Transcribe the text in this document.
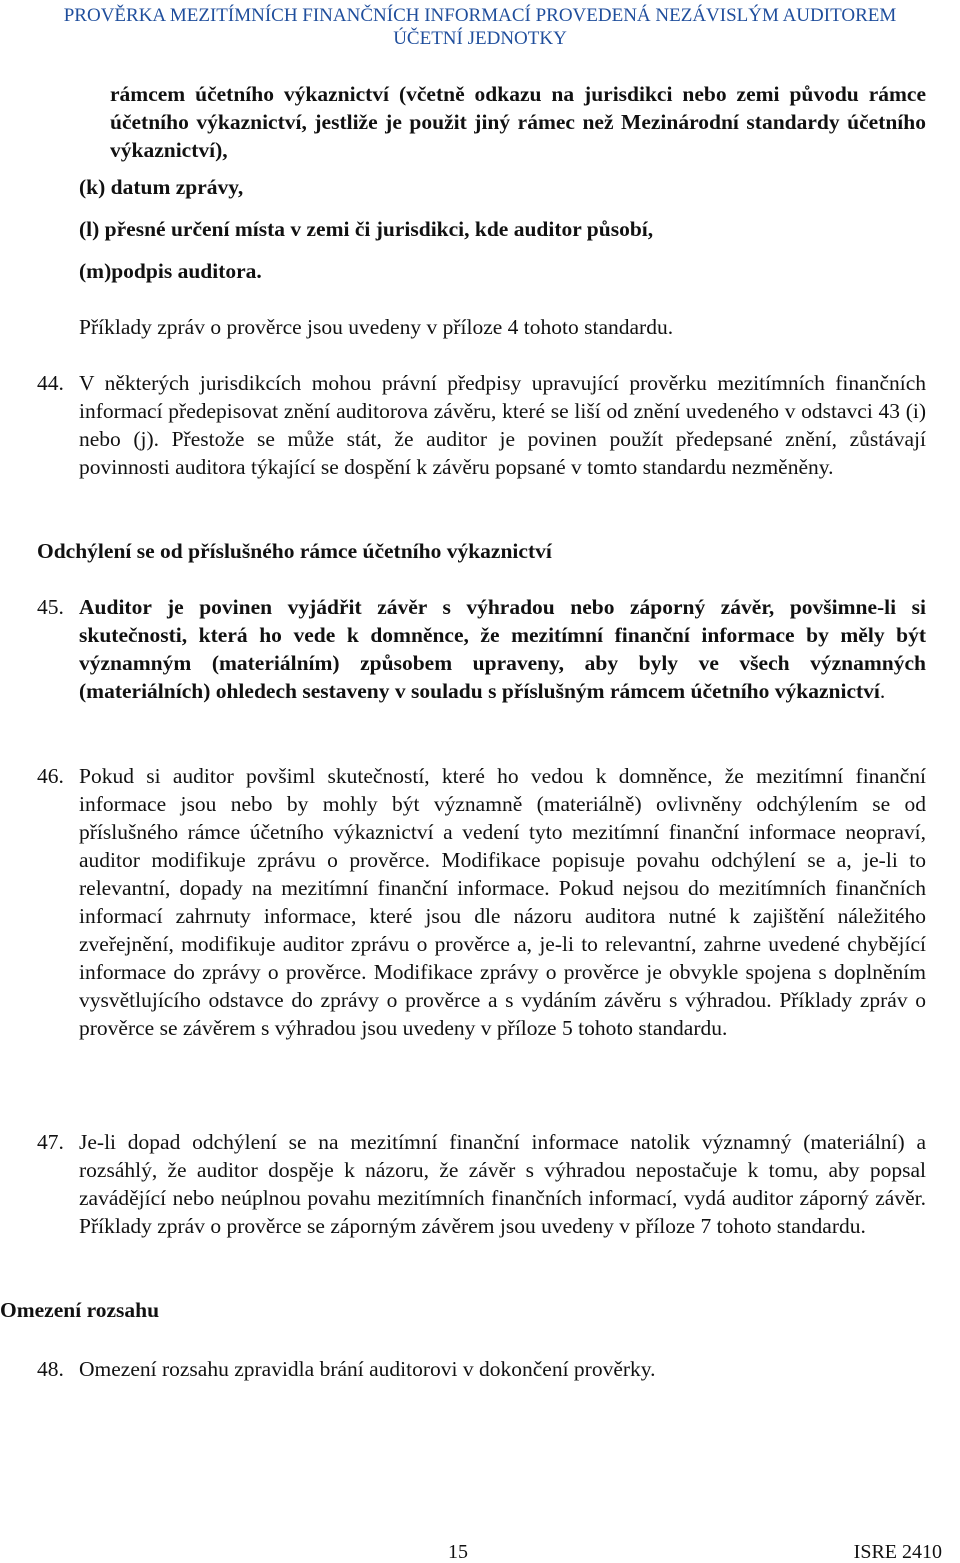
PROVĚRKA MEZITÍMNÍCH FINANČNÍCH INFORMACÍ PROVEDENÁ NEZÁVISLÝM AUDITOREM
ÚČETNÍ JEDNOTKY
rámcem účetního výkaznictví (včetně odkazu na jurisdikci nebo zemi původu rámce účetního výkaznictví, jestliže je použit jiný rámec než Mezinárodní standardy účetního výkaznictví),
(k) datum zprávy,
(l) přesné určení místa v zemi či jurisdikci, kde auditor působí,
(m)podpis auditora.
Příklady zpráv o prověrce jsou uvedeny v příloze 4 tohoto standardu.
44. V některých jurisdikcích mohou právní předpisy upravující prověrku mezitímních finančních informací předepisovat znění auditorova závěru, které se liší od znění uvedeného v odstavci 43 (i) nebo (j). Přestože se může stát, že auditor je povinen použít předepsané znění, zůstávají povinnosti auditora týkající se dospění k závěru popsané v tomto standardu nezměněny.
Odchýlení se od příslušného rámce účetního výkaznictví
45. Auditor je povinen vyjádřit závěr s výhradou nebo záporný závěr, povšimne-li si skutečnosti, která ho vede k domněnce, že mezitímní finanční informace by měly být významným (materiálním) způsobem upraveny, aby byly ve všech významných (materiálních) ohledech sestaveny v souladu s příslušným rámcem účetního výkaznictví.
46. Pokud si auditor povšiml skutečností, které ho vedou k domněnce, že mezitímní finanční informace jsou nebo by mohly být významně (materiálně) ovlivněny odchýlením se od příslušného rámce účetního výkaznictví a vedení tyto mezitímní finanční informace neopraví, auditor modifikuje zprávu o prověrce. Modifikace popisuje povahu odchýlení se a, je-li to relevantní, dopady na mezitímní finanční informace. Pokud nejsou do mezitímních finančních informací zahrnuty informace, které jsou dle názoru auditora nutné k zajištění náležitého zveřejnění, modifikuje auditor zprávu o prověrce a, je-li to relevantní, zahrne uvedené chybějící informace do zprávy o prověrce. Modifikace zprávy o prověrce je obvykle spojena s doplněním vysvětlujícího odstavce do zprávy o prověrce a s vydáním závěru s výhradou. Příklady zpráv o prověrce se závěrem s výhradou jsou uvedeny v příloze 5 tohoto standardu.
47. Je-li dopad odchýlení se na mezitímní finanční informace natolik významný (materiální) a rozsáhlý, že auditor dospěje k názoru, že závěr s výhradou nepostačuje k tomu, aby popsal zavádějící nebo neúplnou povahu mezitímních finančních informací, vydá auditor záporný závěr. Příklady zpráv o prověrce se záporným závěrem jsou uvedeny v příloze 7 tohoto standardu.
Omezení rozsahu
48. Omezení rozsahu zpravidla brání auditorovi v dokončení prověrky.
15	ISRE 2410
